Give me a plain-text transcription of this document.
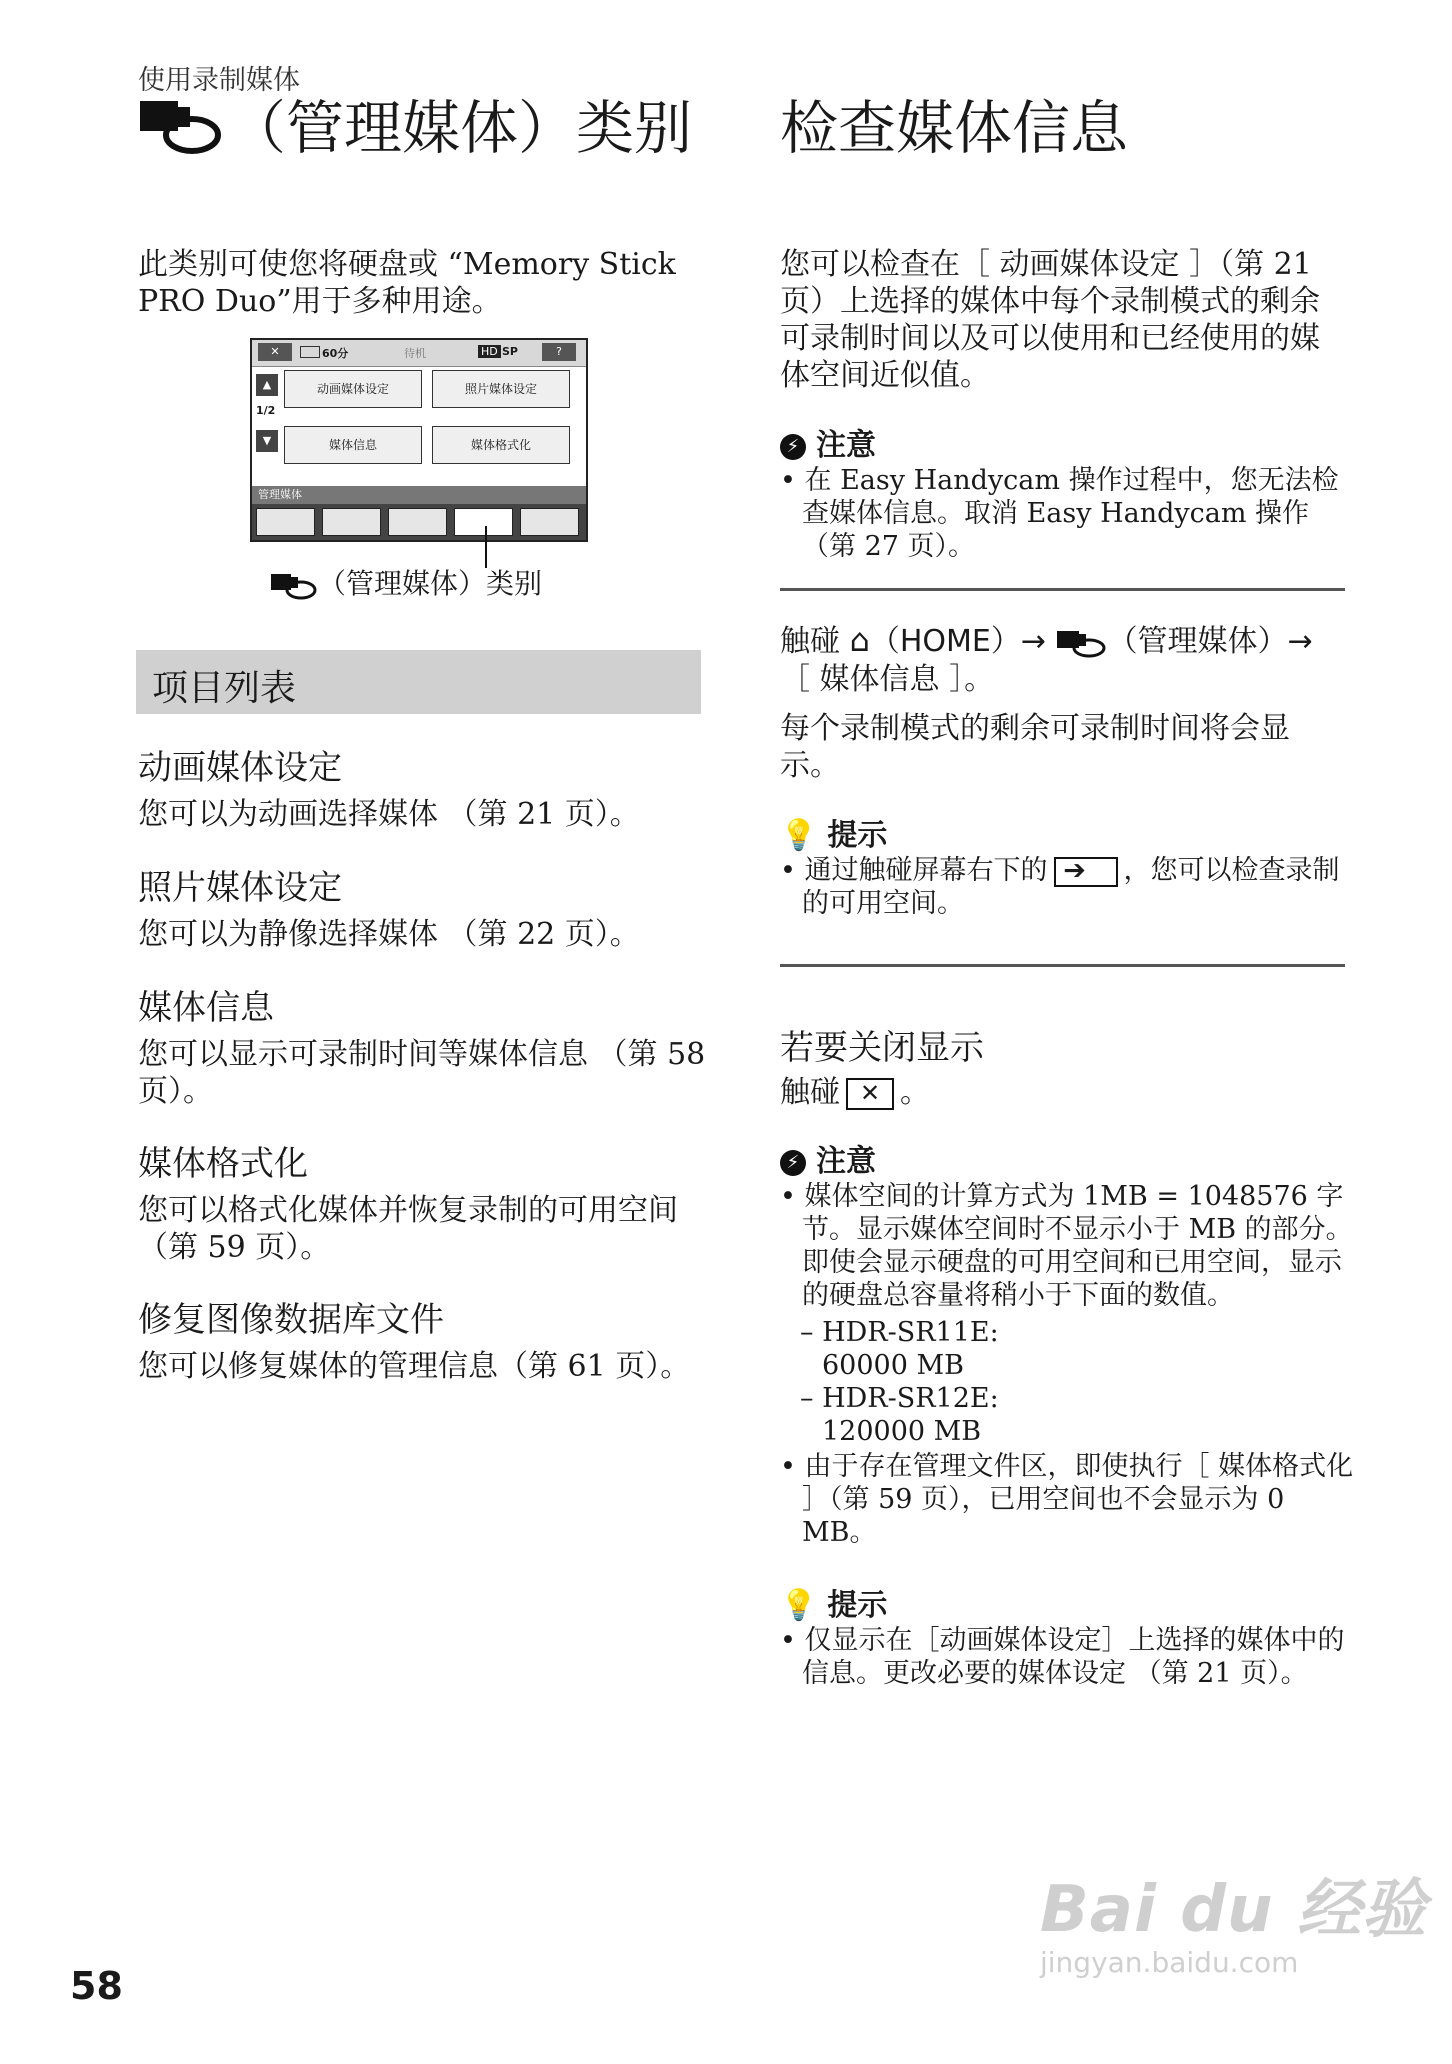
使用录制媒体
（管理媒体）类别	检查媒体信息
此类别可使您将硬盘或 “Memory Stick PRO Duo”用于多种用途。
✕	60分	待机	HD SP	?
▲
1/2
▼
动画媒体设定	照片媒体设定
媒体信息	媒体格式化
管理媒体
（管理媒体）类别
项目列表
动画媒体设定
您可以为动画选择媒体 （第 21 页）。
照片媒体设定
您可以为静像选择媒体 （第 22 页）。
媒体信息
您可以显示可录制时间等媒体信息 （第 58 页）。
媒体格式化
您可以格式化媒体并恢复录制的可用空间 （第 59 页）。
修复图像数据库文件
您可以修复媒体的管理信息（第 61 页）。
您可以检查在［ 动画媒体设定 ］（第 21 页）上选择的媒体中每个录制模式的剩余可录制时间以及可以使用和已经使用的媒体空间近似值。
⚡ 注意
• 在 Easy Handycam 操作过程中，您无法检查媒体信息。取消 Easy Handycam 操作 （第 27 页）。
触碰 ⌂（HOME）→ （管理媒体）→
［ 媒体信息 ］。
每个录制模式的剩余可录制时间将会显示。
💡 提示
• 通过触碰屏幕右下的 ➔ ，您可以检查录制的可用空间。
若要关闭显示
触碰 ✕ 。
⚡ 注意
• 媒体空间的计算方式为 1MB = 1048576 字节。显示媒体空间时不显示小于 MB 的部分。即使会显示硬盘的可用空间和已用空间，显示的硬盘总容量将稍小于下面的数值。
– HDR-SR11E:
60000 MB
– HDR-SR12E:
120000 MB
• 由于存在管理文件区，即使执行［ 媒体格式化 ］（第 59 页），已用空间也不会显示为 0 MB。
💡 提示
• 仅显示在［动画媒体设定］上选择的媒体中的信息。更改必要的媒体设定 （第 21 页）。
58
Bai du 经验
jingyan.baidu.com
